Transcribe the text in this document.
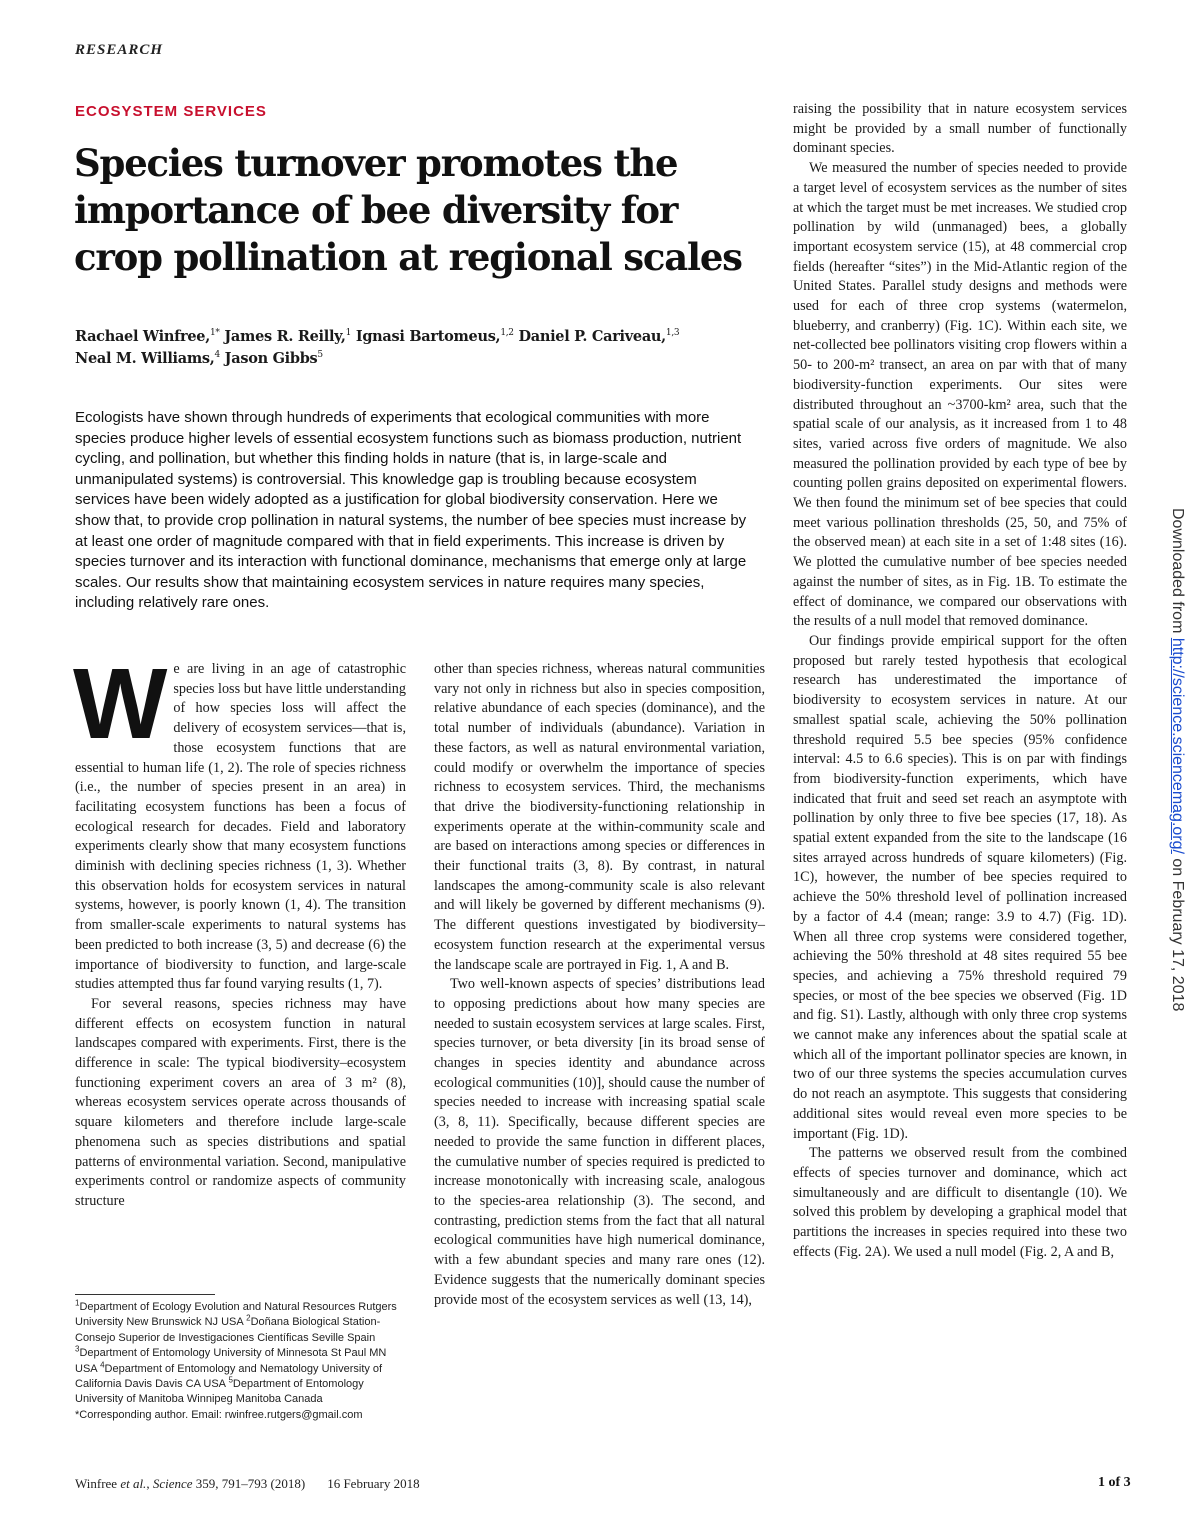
RESEARCH
ECOSYSTEM SERVICES
Species turnover promotes the importance of bee diversity for crop pollination at regional scales

Rachael Winfree,$^{1*}$ James R. Reilly,$^1$ Ignasi Bartomeus,$^{1,2}$ Daniel P. Cariveau,$^{1,3}$
Neal M. Williams,$^4$ Jason Gibbs$^5$

Ecologists have shown through hundreds of experiments that ecological communities with more species produce higher levels of essential ecosystem functions such as biomass production, nutrient cycling, and pollination, but whether this finding holds in nature (that is, in large-scale and unmanipulated systems) is controversial. This knowledge gap is troubling because ecosystem services have been widely adopted as a justification for global biodiversity conservation. Here we show that, to provide crop pollination in natural systems, the number of bee species must increase by at least one order of magnitude compared with that in field experiments. This increase is driven by species turnover and its interaction with functional dominance, mechanisms that emerge only at large scales. Our results show that maintaining ecosystem services in nature requires many species, including relatively rare ones.

W e are living in an age of catastrophic species loss but have little understanding of how species loss will affect the delivery of ecosystem services—that is, those ecosystem functions that are essential to human life (1, 2). The role of species richness (i.e., the number of species present in an area) in facilitating ecosystem functions has been a focus of ecological research for decades. Field and laboratory experiments clearly show that many ecosystem functions diminish with declining species richness (1, 3). Whether this observation holds for ecosystem services in natural systems, however, is poorly known (1, 4). The transition from smaller-scale experiments to natural systems has been predicted to both increase (3, 5) and decrease (6) the importance of biodiversity to function, and large-scale studies attempted thus far found varying results (1, 7).

For several reasons, species richness may have different effects on ecosystem function in natural landscapes compared with experiments. First, there is the difference in scale: The typical biodiversity–ecosystem functioning experiment covers an area of 3 m² (8), whereas ecosystem services operate across thousands of square kilometers and therefore include large-scale phenomena such as species distributions and spatial patterns of environmental variation. Second, manipulative experiments control or randomize aspects of community structure

other than species richness, whereas natural communities vary not only in richness but also in species composition, relative abundance of each species (dominance), and the total number of individuals (abundance). Variation in these factors, as well as natural environmental variation, could modify or overwhelm the importance of species richness to ecosystem services. Third, the mechanisms that drive the biodiversity-functioning relationship in experiments operate at the within-community scale and are based on interactions among species or differences in their functional traits (3, 8). By contrast, in natural landscapes the among-community scale is also relevant and will likely be governed by different mechanisms (9). The different questions investigated by biodiversity–ecosystem function research at the experimental versus the landscape scale are portrayed in Fig. 1, A and B.

Two well-known aspects of species’ distributions lead to opposing predictions about how many species are needed to sustain ecosystem services at large scales. First, species turnover, or beta diversity [in its broad sense of changes in species identity and abundance across ecological communities (10)], should cause the number of species needed to increase with increasing spatial scale (3, 8, 11). Specifically, because different species are needed to provide the same function in different places, the cumulative number of species required is predicted to increase monotonically with increasing scale, analogous to the species-area relationship (3). The second, and contrasting, prediction stems from the fact that all natural ecological communities have high numerical dominance, with a few abundant species and many rare ones (12). Evidence suggests that the numerically dominant species provide most of the ecosystem services as well (13, 14),

raising the possibility that in nature ecosystem services might be provided by a small number of functionally dominant species.

We measured the number of species needed to provide a target level of ecosystem services as the number of sites at which the target must be met increases. We studied crop pollination by wild (unmanaged) bees, a globally important ecosystem service (15), at 48 commercial crop fields (hereafter “sites”) in the Mid-Atlantic region of the United States. Parallel study designs and methods were used for each of three crop systems (watermelon, blueberry, and cranberry) (Fig. 1C). Within each site, we net-collected bee pollinators visiting crop flowers within a 50- to 200-m² transect, an area on par with that of many biodiversity-function experiments. Our sites were distributed throughout an ~3700-km² area, such that the spatial scale of our analysis, as it increased from 1 to 48 sites, varied across five orders of magnitude. We also measured the pollination provided by each type of bee by counting pollen grains deposited on experimental flowers. We then found the minimum set of bee species that could meet various pollination thresholds (25, 50, and 75% of the observed mean) at each site in a set of 1:48 sites (16). We plotted the cumulative number of bee species needed against the number of sites, as in Fig. 1B. To estimate the effect of dominance, we compared our observations with the results of a null model that removed dominance.

Our findings provide empirical support for the often proposed but rarely tested hypothesis that ecological research has underestimated the importance of biodiversity to ecosystem services in nature. At our smallest spatial scale, achieving the 50% pollination threshold required 5.5 bee species (95% confidence interval: 4.5 to 6.6 species). This is on par with findings from biodiversity-function experiments, which have indicated that fruit and seed set reach an asymptote with pollination by only three to five bee species (17, 18). As spatial extent expanded from the site to the landscape (16 sites arrayed across hundreds of square kilometers) (Fig. 1C), however, the number of bee species required to achieve the 50% threshold level of pollination increased by a factor of 4.4 (mean; range: 3.9 to 4.7) (Fig. 1D). When all three crop systems were considered together, achieving the 50% threshold at 48 sites required 55 bee species, and achieving a 75% threshold required 79 species, or most of the bee species we observed (Fig. 1D and fig. S1). Lastly, although with only three crop systems we cannot make any inferences about the spatial scale at which all of the important pollinator species are known, in two of our three systems the species accumulation curves do not reach an asymptote. This suggests that considering additional sites would reveal even more species to be important (Fig. 1D).

The patterns we observed result from the combined effects of species turnover and dominance, which act simultaneously and are difficult to disentangle (10). We solved this problem by developing a graphical model that partitions the increases in species required into these two effects (Fig. 2A). We used a null model (Fig. 2, A and B,

$^1$Department of Ecology Evolution and Natural Resources Rutgers University New Brunswick NJ USA $^2$Doñana Biological Station-Consejo Superior de Investigaciones Científicas Seville Spain $^3$Department of Entomology University of Minnesota St Paul MN USA $^4$Department of Entomology and Nematology University of California Davis Davis CA USA $^5$Department of Entomology University of Manitoba Winnipeg Manitoba Canada
*Corresponding author. Email: rwinfree.rutgers@gmail.com
Winfree et al., Science 359, 791–793 (2018) 16 February 2018	1 of 3
Downloaded from http://science.sciencemag.org/ on February 17, 2018
